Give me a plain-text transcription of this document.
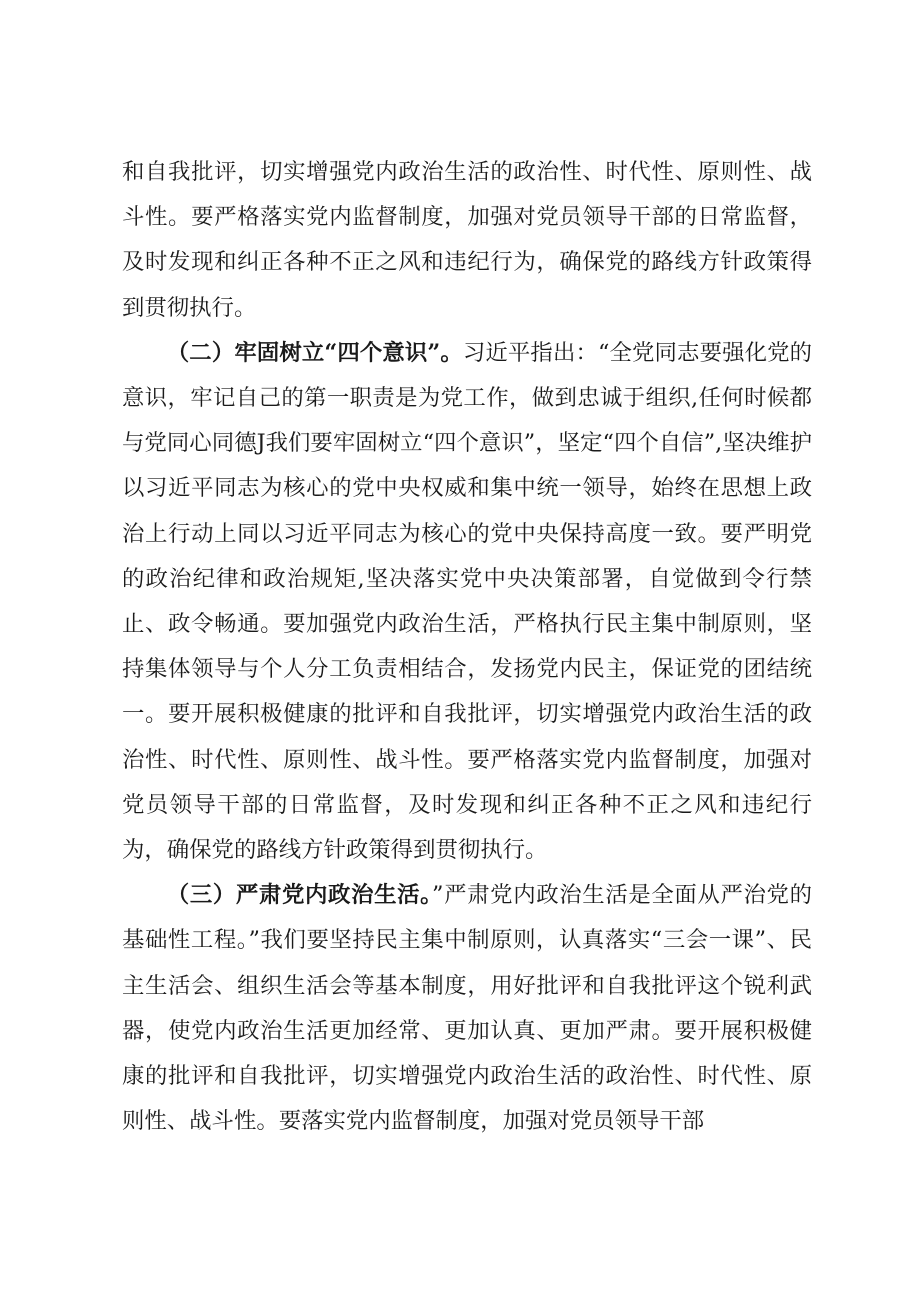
和自我批评，切实增强党内政治生活的政治性、时代性、原则性、战斗性。要严格落实党内监督制度，加强对党员领导干部的日常监督，及时发现和纠正各种不正之风和违纪行为，确保党的路线方针政策得到贯彻执行。

（二）牢固树立“四个意识”。习近平指出：“全党同志要强化党的意识，牢记自己的第一职责是为党工作，做到忠诚于组织,任何时候都与党同心同德J我们要牢固树立“四个意识”，坚定“四个自信”,坚决维护以习近平同志为核心的党中央权威和集中统一领导，始终在思想上政治上行动上同以习近平同志为核心的党中央保持高度一致。要严明党的政治纪律和政治规矩,坚决落实党中央决策部署，自觉做到令行禁止、政令畅通。要加强党内政治生活，严格执行民主集中制原则，坚持集体领导与个人分工负责相结合，发扬党内民主，保证党的团结统一。要开展积极健康的批评和自我批评，切实增强党内政治生活的政治性、时代性、原则性、战斗性。要严格落实党内监督制度，加强对党员领导干部的日常监督，及时发现和纠正各种不正之风和违纪行为，确保党的路线方针政策得到贯彻执行。

（三）严肃党内政治生活。”严肃党内政治生活是全面从严治党的基础性工程。”我们要坚持民主集中制原则，认真落实“三会一课”、民主生活会、组织生活会等基本制度，用好批评和自我批评这个锐利武器，使党内政治生活更加经常、更加认真、更加严肃。要开展积极健康的批评和自我批评，切实增强党内政治生活的政治性、时代性、原则性、战斗性。要落实党内监督制度，加强对党员领导干部
